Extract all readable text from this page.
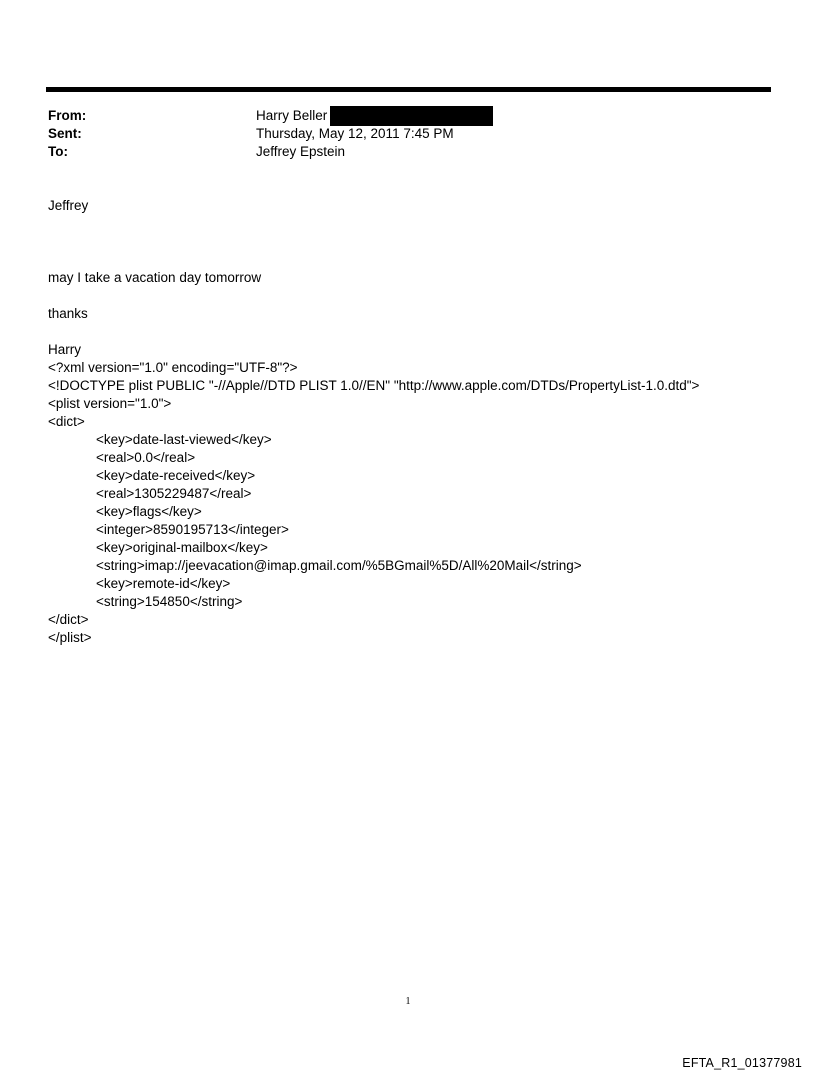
From:	Harry Beller
Sent:	Thursday, May 12, 2011 7:45 PM
To:	Jeffrey Epstein
Jeffrey
may I take a vacation day tomorrow
thanks
Harry
<?xml version="1.0" encoding="UTF-8"?>
<!DOCTYPE plist PUBLIC "-//Apple//DTD PLIST 1.0//EN" "http://www.apple.com/DTDs/PropertyList-1.0.dtd">
<plist version="1.0">
<dict>
<key>date-last-viewed</key>
<real>0.0</real>
<key>date-received</key>
<real>1305229487</real>
<key>flags</key>
<integer>8590195713</integer>
<key>original-mailbox</key>
<string>imap://jeevacation@imap.gmail.com/%5BGmail%5D/All%20Mail</string>
<key>remote-id</key>
<string>154850</string>
</dict>
</plist>
1
EFTA_R1_01377981
